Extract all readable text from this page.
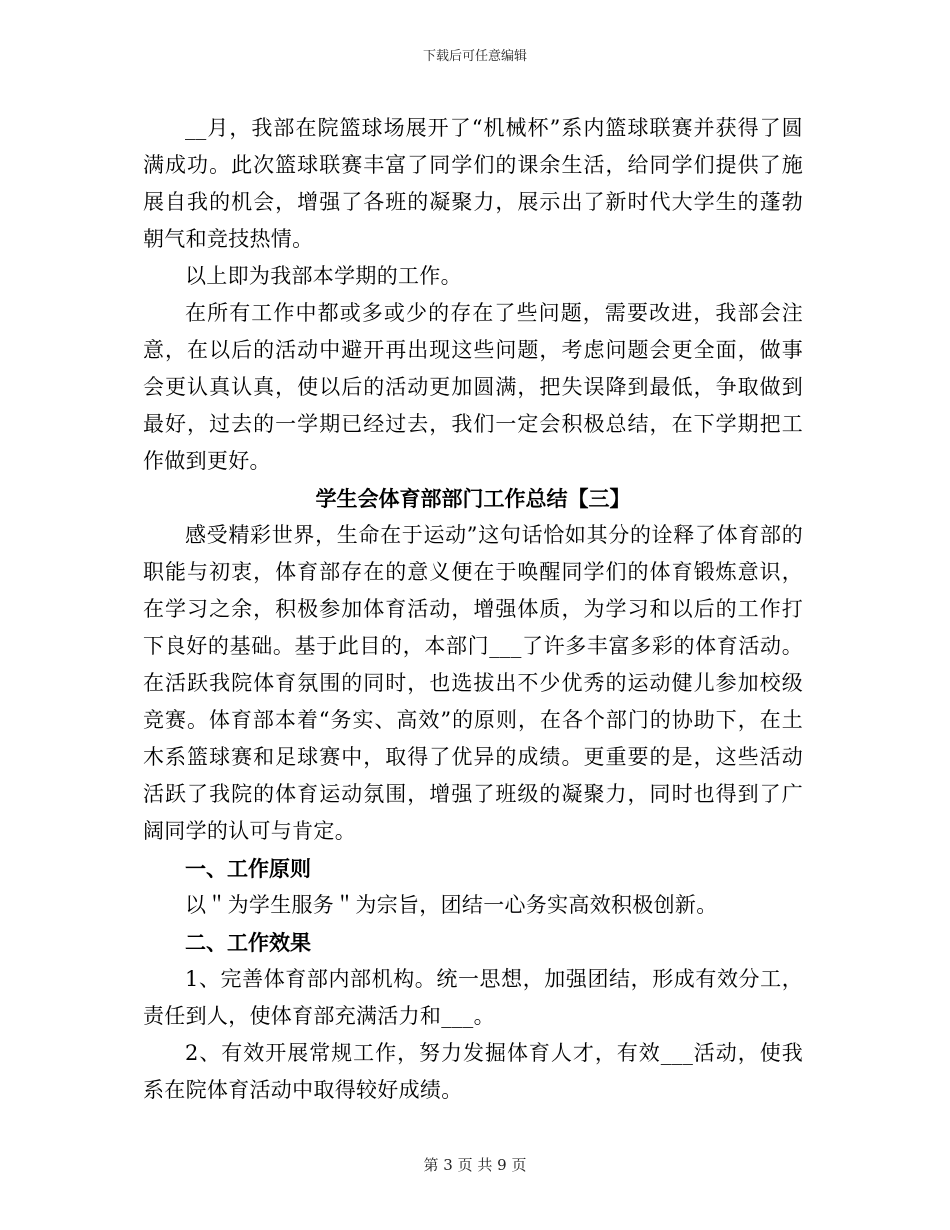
下载后可任意编辑

__月，我部在院篮球场展开了“机械杯”系内篮球联赛并获得了圆满成功。此次篮球联赛丰富了同学们的课余生活，给同学们提供了施展自我的机会，增强了各班的凝聚力，展示出了新时代大学生的蓬勃朝气和竞技热情。

以上即为我部本学期的工作。

在所有工作中都或多或少的存在了些问题，需要改进，我部会注意，在以后的活动中避开再出现这些问题，考虑问题会更全面，做事会更认真认真，使以后的活动更加圆满，把失误降到最低，争取做到最好，过去的一学期已经过去，我们一定会积极总结，在下学期把工作做到更好。

学生会体育部部门工作总结【三】

感受精彩世界，生命在于运动”这句话恰如其分的诠释了体育部的职能与初衷，体育部存在的意义便在于唤醒同学们的体育锻炼意识，在学习之余，积极参加体育活动，增强体质，为学习和以后的工作打下良好的基础。基于此目的，本部门___了许多丰富多彩的体育活动。在活跃我院体育氛围的同时，也选拔出不少优秀的运动健儿参加校级竞赛。体育部本着“务实、高效”的原则，在各个部门的协助下，在土木系篮球赛和足球赛中，取得了优异的成绩。更重要的是，这些活动活跃了我院的体育运动氛围，增强了班级的凝聚力，同时也得到了广阔同学的认可与肯定。

一、工作原则

以＂为学生服务＂为宗旨，团结一心务实高效积极创新。

二、工作效果

1、完善体育部内部机构。统一思想，加强团结，形成有效分工，责任到人，使体育部充满活力和___。

2、有效开展常规工作，努力发掘体育人才，有效___活动，使我系在院体育活动中取得较好成绩。

第 3 页 共 9 页
